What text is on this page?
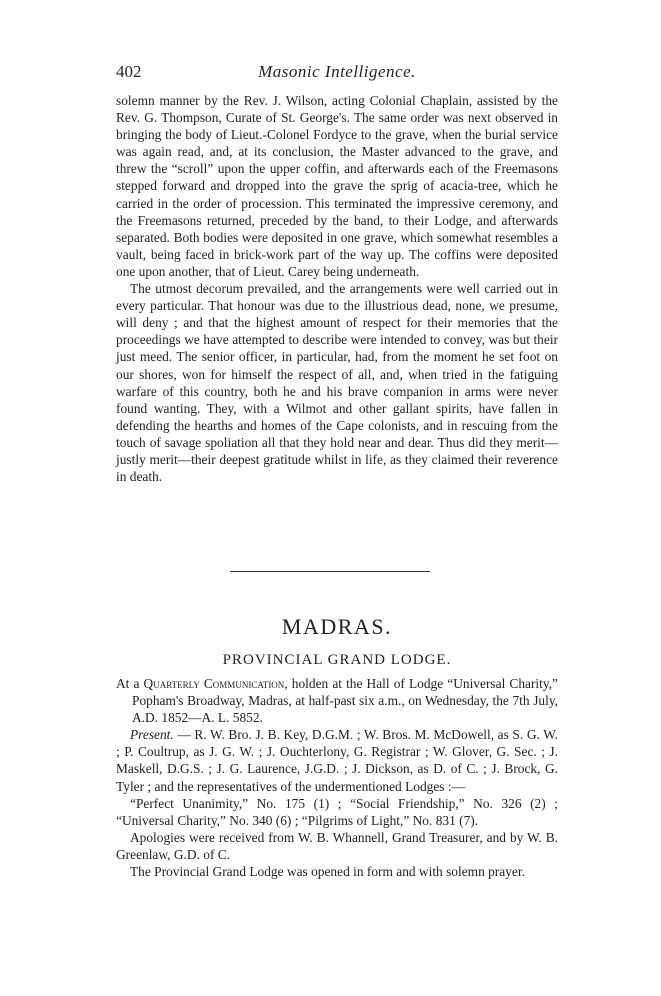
402	Masonic Intelligence.

solemn manner by the Rev. J. Wilson, acting Colonial Chaplain, assisted by the Rev. G. Thompson, Curate of St. George's. The same order was next observed in bringing the body of Lieut.-Colonel Fordyce to the grave, when the burial service was again read, and, at its conclusion, the Master advanced to the grave, and threw the “scroll” upon the upper coffin, and afterwards each of the Freemasons stepped forward and dropped into the grave the sprig of acacia-tree, which he carried in the order of procession. This terminated the impressive ceremony, and the Freemasons returned, preceded by the band, to their Lodge, and afterwards separated. Both bodies were deposited in one grave, which somewhat resembles a vault, being faced in brick-work part of the way up. The coffins were deposited one upon another, that of Lieut. Carey being underneath.

The utmost decorum prevailed, and the arrangements were well carried out in every particular. That honour was due to the illustrious dead, none, we presume, will deny ; and that the highest amount of respect for their memories that the proceedings we have attempted to describe were intended to convey, was but their just meed. The senior officer, in particular, had, from the moment he set foot on our shores, won for himself the respect of all, and, when tried in the fatiguing warfare of this country, both he and his brave companion in arms were never found wanting. They, with a Wilmot and other gallant spirits, have fallen in defending the hearths and homes of the Cape colonists, and in rescuing from the touch of savage spoliation all that they hold near and dear. Thus did they merit—justly merit—their deepest gratitude whilst in life, as they claimed their reverence in death.

MADRAS.
PROVINCIAL GRAND LODGE.

At a Quarterly Communication, holden at the Hall of Lodge “Universal Charity,” Popham's Broadway, Madras, at half-past six a.m., on Wednesday, the 7th July, A.D. 1852—A. L. 5852.

Present. — R. W. Bro. J. B. Key, D.G.M. ; W. Bros. M. McDowell, as S. G. W. ; P. Coultrup, as J. G. W. ; J. Ouchterlony, G. Registrar ; W. Glover, G. Sec. ; J. Maskell, D.G.S. ; J. G. Laurence, J.G.D. ; J. Dickson, as D. of C. ; J. Brock, G. Tyler ; and the representatives of the undermentioned Lodges :—

“Perfect Unanimity,” No. 175 (1) ; “Social Friendship,” No. 326 (2) ; “Universal Charity,” No. 340 (6) ; “Pilgrims of Light,” No. 831 (7).

Apologies were received from W. B. Whannell, Grand Treasurer, and by W. B. Greenlaw, G.D. of C.

The Provincial Grand Lodge was opened in form and with solemn prayer.
